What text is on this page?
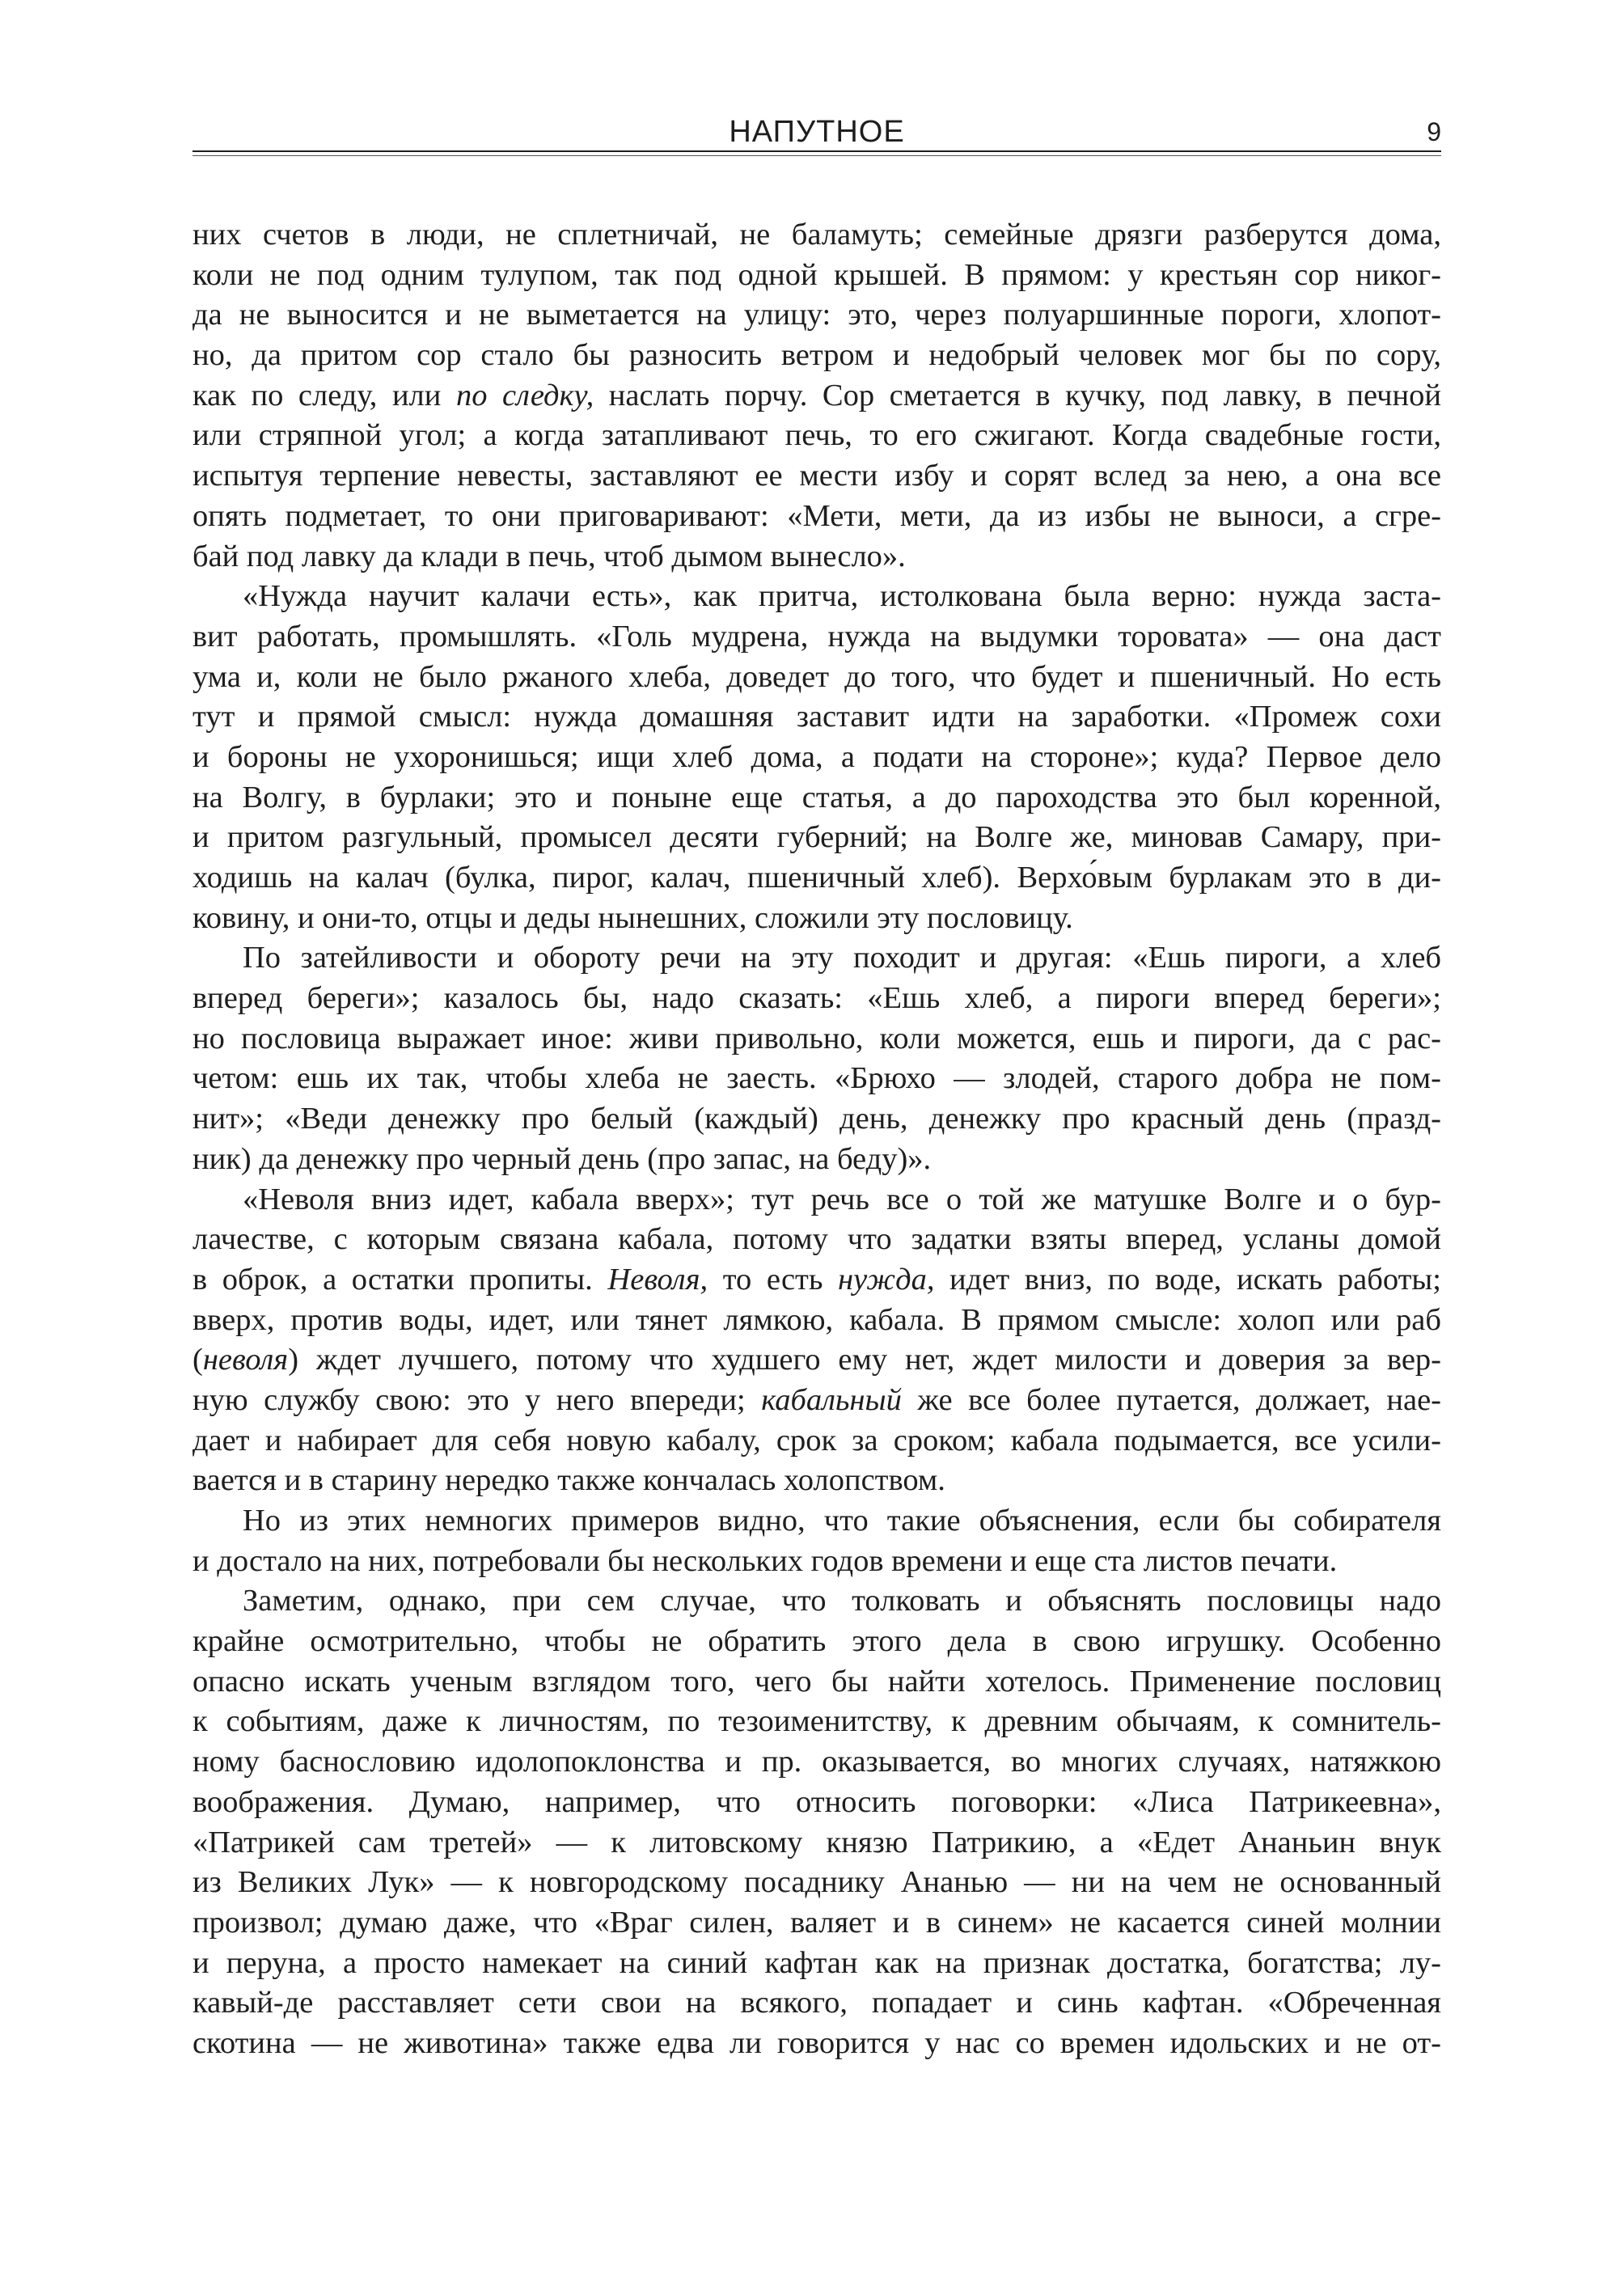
НАПУТНОЕ	9
них счетов в люди, не сплетничай, не баламуть; семейные дрязги разберутся дома,
коли не под одним тулупом, так под одной крышей. В прямом: у крестьян сор никог-
да не выносится и не выметается на улицу: это, через полуаршинные пороги, хлопот-
но, да притом сор стало бы разносить ветром и недобрый человек мог бы по сору,
как по следу, или по следку, наслать порчу. Сор сметается в кучку, под лавку, в печной
или стряпной угол; а когда затапливают печь, то его сжигают. Когда свадебные гости,
испытуя терпение невесты, заставляют ее мести избу и сорят вслед за нею, а она все
опять подметает, то они приговаривают: «Мети, мети, да из избы не выноси, а сгре-
бай под лавку да клади в печь, чтоб дымом вынесло».
«Нужда научит калачи есть», как притча, истолкована была верно: нужда заста-
вит работать, промышлять. «Голь мудрена, нужда на выдумки торовата» — она даст
ума и, коли не было ржаного хлеба, доведет до того, что будет и пшеничный. Но есть
тут и прямой смысл: нужда домашняя заставит идти на заработки. «Промеж сохи
и бороны не ухоронишься; ищи хлеб дома, а подати на стороне»; куда? Первое дело
на Волгу, в бурлаки; это и поныне еще статья, а до пароходства это был коренной,
и притом разгульный, промысел десяти губерний; на Волге же, миновав Самару, при-
ходишь на калач (булка, пирог, калач, пшеничный хлеб). Верхо́вым бурлакам это в ди-
ковину, и они-то, отцы и деды нынешних, сложили эту пословицу.
По затейливости и обороту речи на эту походит и другая: «Ешь пироги, а хлеб
вперед береги»; казалось бы, надо сказать: «Ешь хлеб, а пироги вперед береги»;
но пословица выражает иное: живи привольно, коли можется, ешь и пироги, да с рас-
четом: ешь их так, чтобы хлеба не заесть. «Брюхо — злодей, старого добра не пом-
нит»; «Веди денежку про белый (каждый) день, денежку про красный день (празд-
ник) да денежку про черный день (про запас, на беду)».
«Неволя вниз идет, кабала вверх»; тут речь все о той же матушке Волге и о бур-
лачестве, с которым связана кабала, потому что задатки взяты вперед, усланы домой
в оброк, а остатки пропиты. Неволя, то есть нужда, идет вниз, по воде, искать работы;
вверх, против воды, идет, или тянет лямкою, кабала. В прямом смысле: холоп или раб
(неволя) ждет лучшего, потому что худшего ему нет, ждет милости и доверия за вер-
ную службу свою: это у него впереди; кабальный же все более путается, должает, нае-
дает и набирает для себя новую кабалу, срок за сроком; кабала подымается, все усили-
вается и в старину нередко также кончалась холопством.
Но из этих немногих примеров видно, что такие объяснения, если бы собирателя
и достало на них, потребовали бы нескольких годов времени и еще ста листов печати.
Заметим, однако, при сем случае, что толковать и объяснять пословицы надо
крайне осмотрительно, чтобы не обратить этого дела в свою игрушку. Особенно
опасно искать ученым взглядом того, чего бы найти хотелось. Применение пословиц
к событиям, даже к личностям, по тезоименитству, к древним обычаям, к сомнитель-
ному баснословию идолопоклонства и пр. оказывается, во многих случаях, натяжкою
воображения. Думаю, например, что относить поговорки: «Лиса Патрикеевна»,
«Патрикей сам третей» — к литовскому князю Патрикию, а «Едет Ананьин внук
из Великих Лук» — к новгородскому посаднику Ананью — ни на чем не основанный
произвол; думаю даже, что «Враг силен, валяет и в синем» не касается синей молнии
и перуна, а просто намекает на синий кафтан как на признак достатка, богатства; лу-
кавый-де расставляет сети свои на всякого, попадает и синь кафтан. «Обреченная
скотина — не животина» также едва ли говорится у нас со времен идольских и не от-
